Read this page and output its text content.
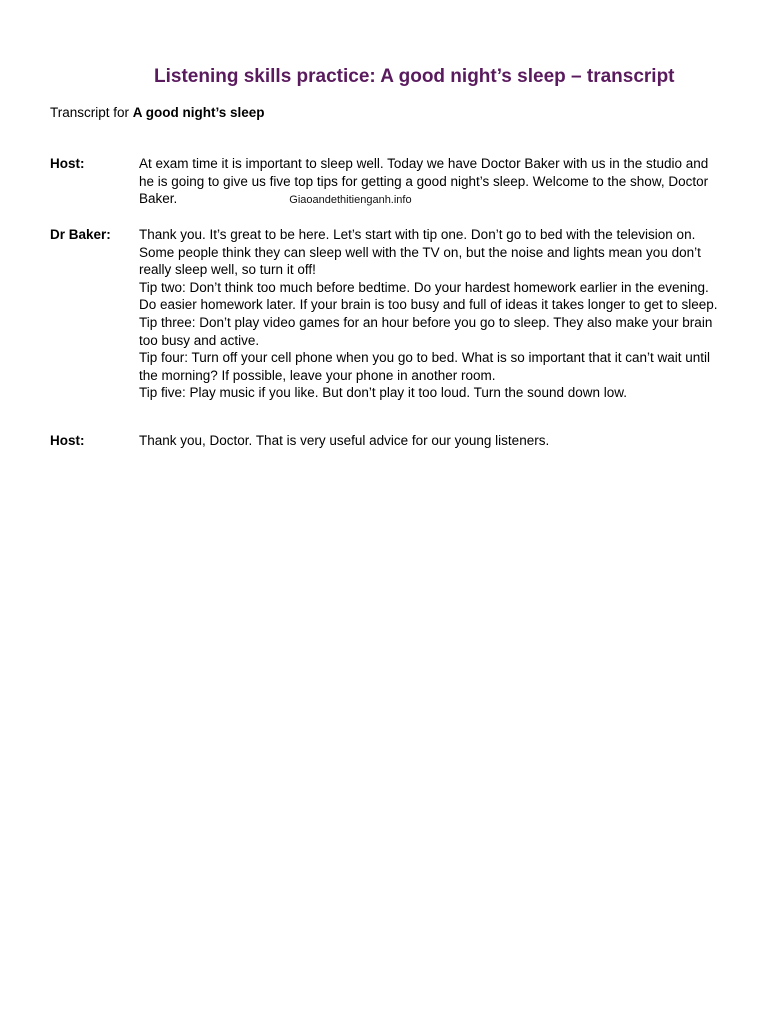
Listening skills practice: A good night’s sleep – transcript
Transcript for A good night’s sleep
Host:	At exam time it is important to sleep well. Today we have Doctor Baker with us in the studio and he is going to give us five top tips for getting a good night’s sleep. Welcome to the show, Doctor Baker.	Giaoandethitienganh.info

Dr Baker: Thank you. It’s great to be here. Let’s start with tip one. Don’t go to bed with the television on. Some people think they can sleep well with the TV on, but the noise and lights mean you don’t really sleep well, so turn it off!

Tip two: Don’t think too much before bedtime. Do your hardest homework earlier in the evening. Do easier homework later. If your brain is too busy and full of ideas it takes longer to get to sleep.

Tip three: Don’t play video games for an hour before you go to sleep. They also make your brain too busy and active.

Tip four: Turn off your cell phone when you go to bed. What is so important that it can’t wait until the morning? If possible, leave your phone in another room.

Tip five: Play music if you like. But don’t play it too loud. Turn the sound down low.

Host:	Thank you, Doctor. That is very useful advice for our young listeners.
